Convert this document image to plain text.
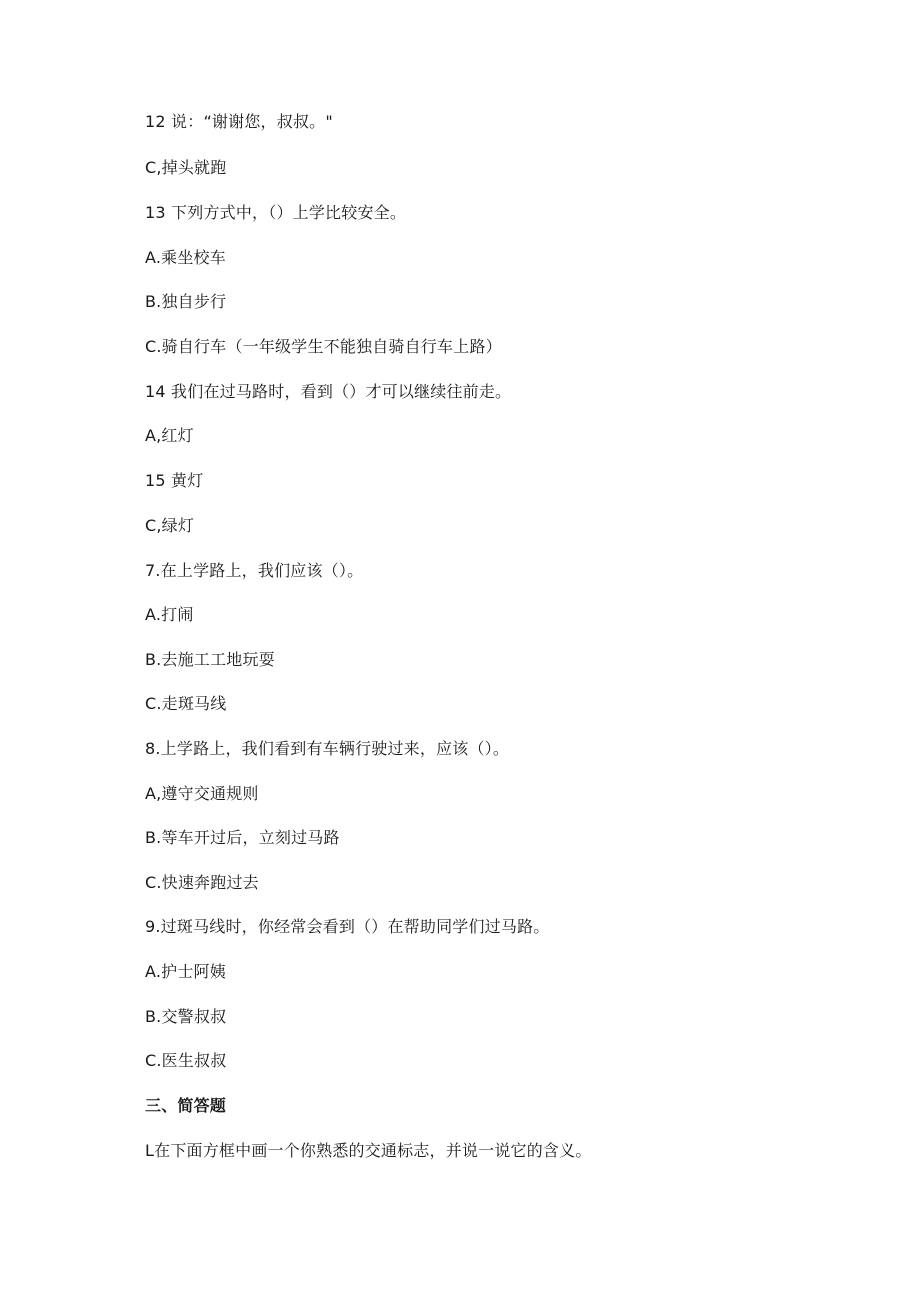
12 说：“谢谢您，叔叔。"
C,掉头就跑
13 下列方式中，（）上学比较安全。
A.乘坐校车
B.独自步行
C.骑自行车（一年级学生不能独自骑自行车上路）
14 我们在过马路时，看到（）才可以继续往前走。
A,红灯
15 黄灯
C,绿灯
7.在上学路上，我们应该（）。
A.打闹
B.去施工工地玩耍
C.走斑马线
8.上学路上，我们看到有车辆行驶过来，应该（）。
A,遵守交通规则
B.等车开过后，立刻过马路
C.快速奔跑过去
9.过斑马线时，你经常会看到（）在帮助同学们过马路。
A.护士阿姨
B.交警叔叔
C.医生叔叔
三、简答题
L在下面方框中画一个你熟悉的交通标志，并说一说它的含义。
